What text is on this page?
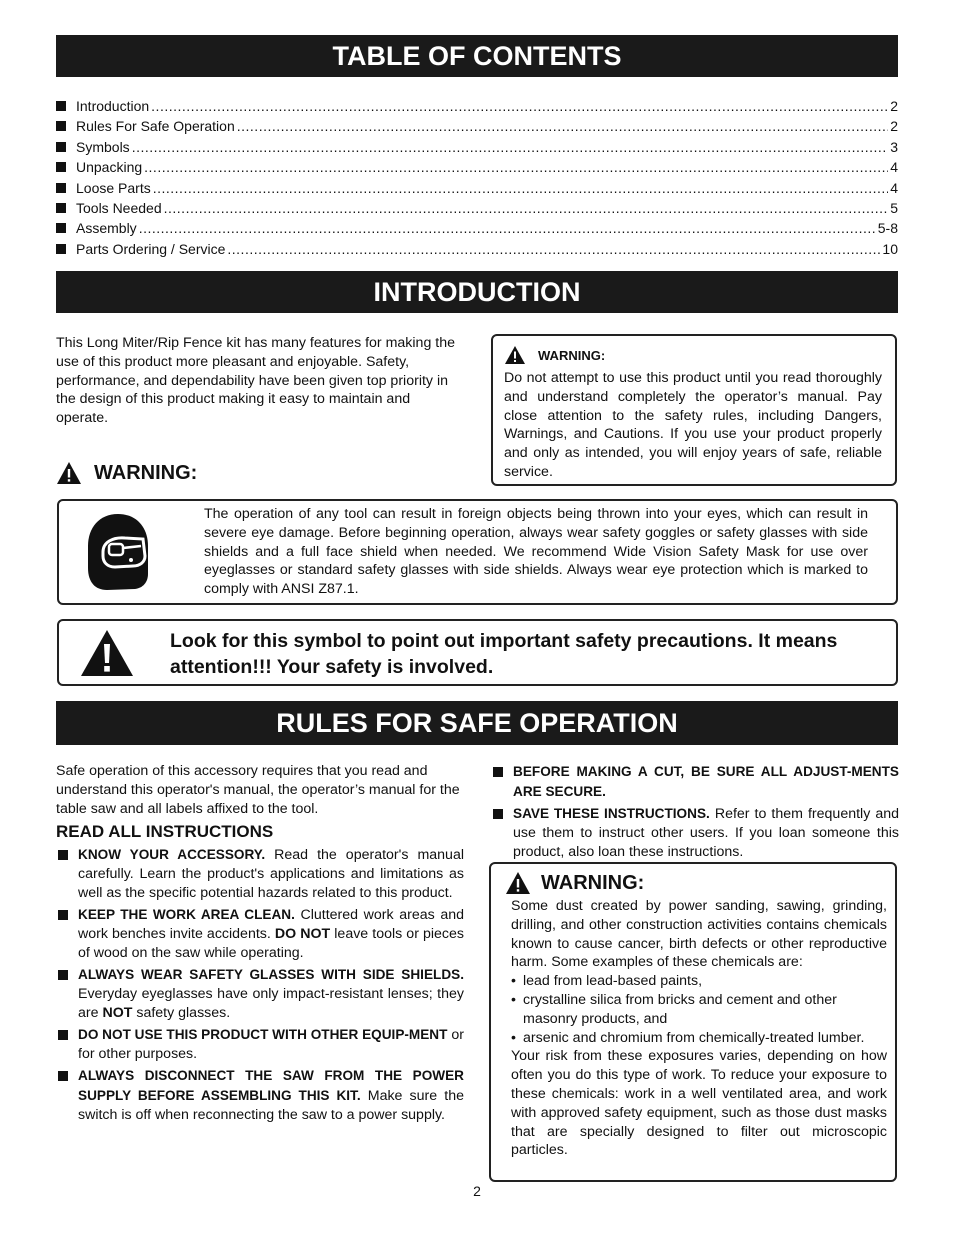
TABLE OF CONTENTS
Introduction .....	2
Rules For Safe Operation .....	2
Symbols .....	3
Unpacking .....	4
Loose Parts .....	4
Tools Needed .....	5
Assembly .....	5-8
Parts Ordering / Service .....	10
INTRODUCTION
This Long Miter/Rip Fence kit has many features for making the use of this product more pleasant and enjoyable. Safety, performance, and dependability have been given top priority in the design of this product making it easy to maintain and operate.
WARNING:
Do not attempt to use this product until you read thoroughly and understand completely the operator’s manual. Pay close attention to the safety rules, including Dangers, Warnings, and Cautions. If you use your product properly and only as intended, you will enjoy years of safe, reliable service.
WARNING:
The operation of any tool can result in foreign objects being thrown into your eyes, which can result in severe eye damage. Before beginning operation, always wear safety goggles or safety glasses with side shields and a full face shield when needed. We recommend Wide Vision Safety Mask for use over eyeglasses or standard safety glasses with side shields. Always wear eye protection which is marked to comply with ANSI Z87.1.
Look for this symbol to point out important safety precautions. It means attention!!! Your safety is involved.
RULES FOR SAFE OPERATION
Safe operation of this accessory requires that you read and understand this operator's manual, the operator’s manual for the table saw and all labels affixed to the tool.
READ ALL INSTRUCTIONS
KNOW YOUR ACCESSORY. Read the operator's manual carefully. Learn the product's applications and limitations as well as the specific potential hazards related to this product.
KEEP THE WORK AREA CLEAN. Cluttered work areas and work benches invite accidents. DO NOT leave tools or pieces of wood on the saw while operating.
ALWAYS WEAR SAFETY GLASSES WITH SIDE SHIELDS. Everyday eyeglasses have only impact-resistant lenses; they are NOT safety glasses.
DO NOT USE THIS PRODUCT WITH OTHER EQUIP-MENT or for other purposes.
ALWAYS DISCONNECT THE SAW FROM THE POWER SUPPLY BEFORE ASSEMBLING THIS KIT. Make sure the switch is off when reconnecting the saw to a power supply.
BEFORE MAKING A CUT, BE SURE ALL ADJUST-MENTS ARE SECURE.
SAVE THESE INSTRUCTIONS. Refer to them frequently and use them to instruct other users. If you loan someone this product, also loan these instructions.
WARNING:
Some dust created by power sanding, sawing, grinding, drilling, and other construction activities contains chemicals known to cause cancer, birth defects or other reproductive harm. Some examples of these chemicals are:
• lead from lead-based paints,
• crystalline silica from bricks and cement and other masonry products, and
• arsenic and chromium from chemically-treated lumber.
Your risk from these exposures varies, depending on how often you do this type of work. To reduce your exposure to these chemicals: work in a well ventilated area, and work with approved safety equipment, such as those dust masks that are specially designed to filter out microscopic particles.
2
